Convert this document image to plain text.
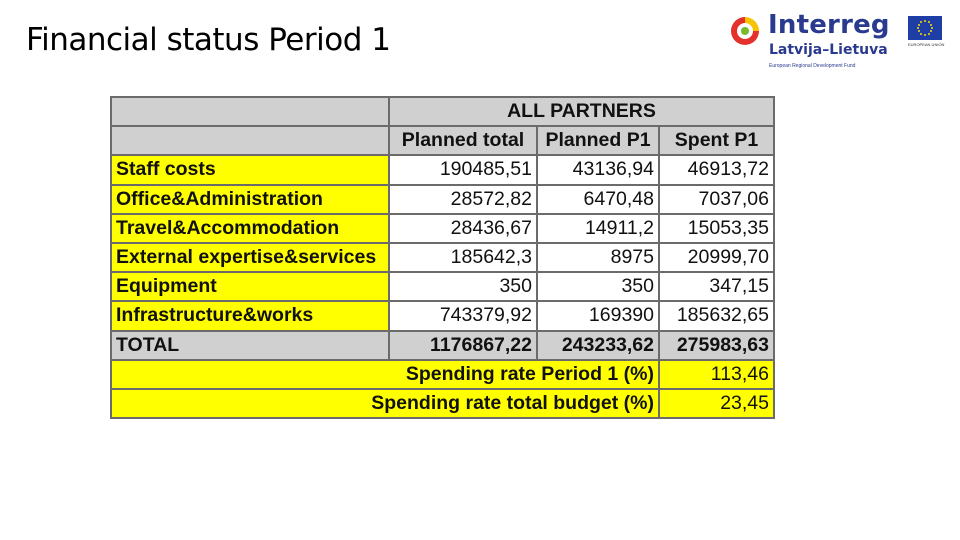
Financial status Period 1	Interreg
Latvija–Lietuva
European Regional Development Fund
EUROPEAN UNION
	ALL PARTNERS		
	Planned total	Planned P1	Spent P1
Staff costs	190485,51	43136,94	46913,72
Office&Administration	28572,82	6470,48	7037,06
Travel&Accommodation	28436,67	14911,2	15053,35
External expertise&services	185642,3	8975	20999,70
Equipment	350	350	347,15
Infrastructure&works	743379,92	169390	185632,65
TOTAL	1176867,22	243233,62	275983,63
Spending rate Period 1 (%)			113,46
Spending rate total budget (%)			23,45
